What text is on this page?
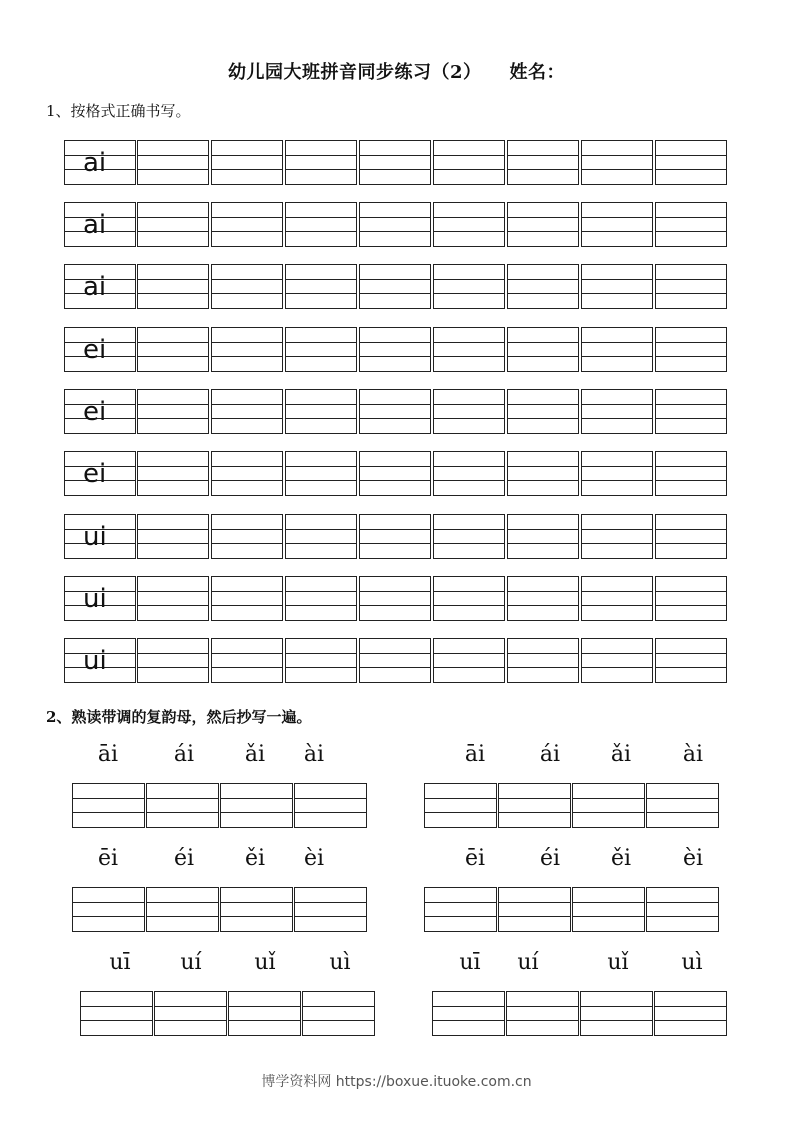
幼儿园大班拼音同步练习（2） 姓名：
1、按格式正确书写。
ai
ai
ai
ei
ei
ei
ui
ui
ui
2、熟读带调的复韵母，然后抄写一遍。
āi	ái	ǎi	ài	āi	ái	ǎi	ài
ēi	éi	ěi	èi	ēi	éi	ěi	èi
uī	uí	uǐ	uì	uī	uí	uǐ	uì
博学资料网 https://boxue.ituoke.com.cn
